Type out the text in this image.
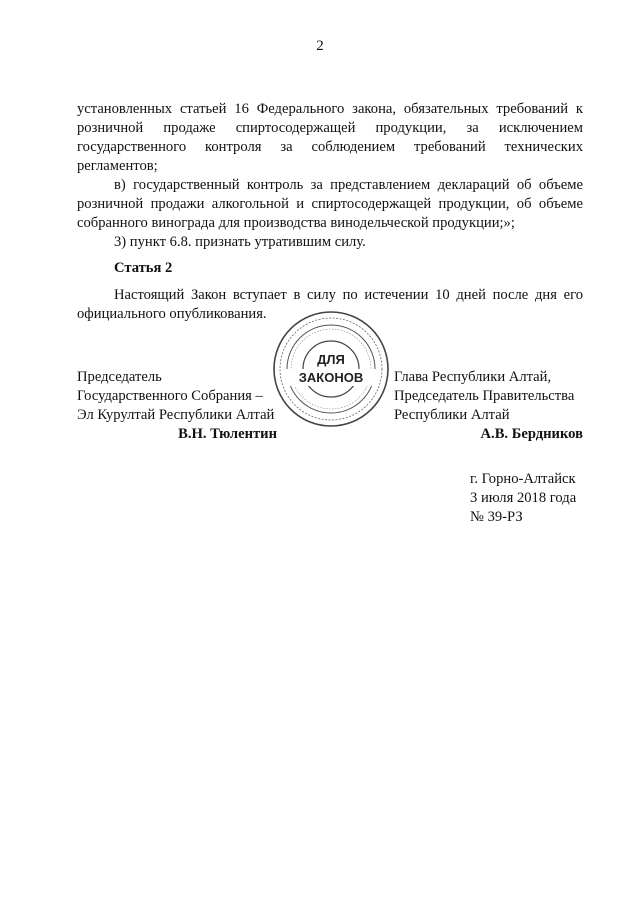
2

установленных статьей 16 Федерального закона, обязательных требований к розничной продаже спиртосодержащей продукции, за исключением государственного контроля за соблюдением требований технических регламентов;

в) государственный контроль за представлением деклараций об объеме розничной продажи алкогольной и спиртосодержащей продукции, об объеме собранного винограда для производства винодельческой продукции;»;

3) пункт 6.8. признать утратившим силу.

Статья 2

Настоящий Закон вступает в силу по истечении 10 дней после дня его официального опубликования.

ДЛЯ
ЗАКОНОВ
Председатель
Государственного Собрания –
Эл Курултай Республики Алтай
В.Н. Тюлентин
Глава Республики Алтай,
Председатель Правительства
Республики Алтай
А.В. Бердников
г. Горно-Алтайск
3 июля 2018 года
№ 39-РЗ
